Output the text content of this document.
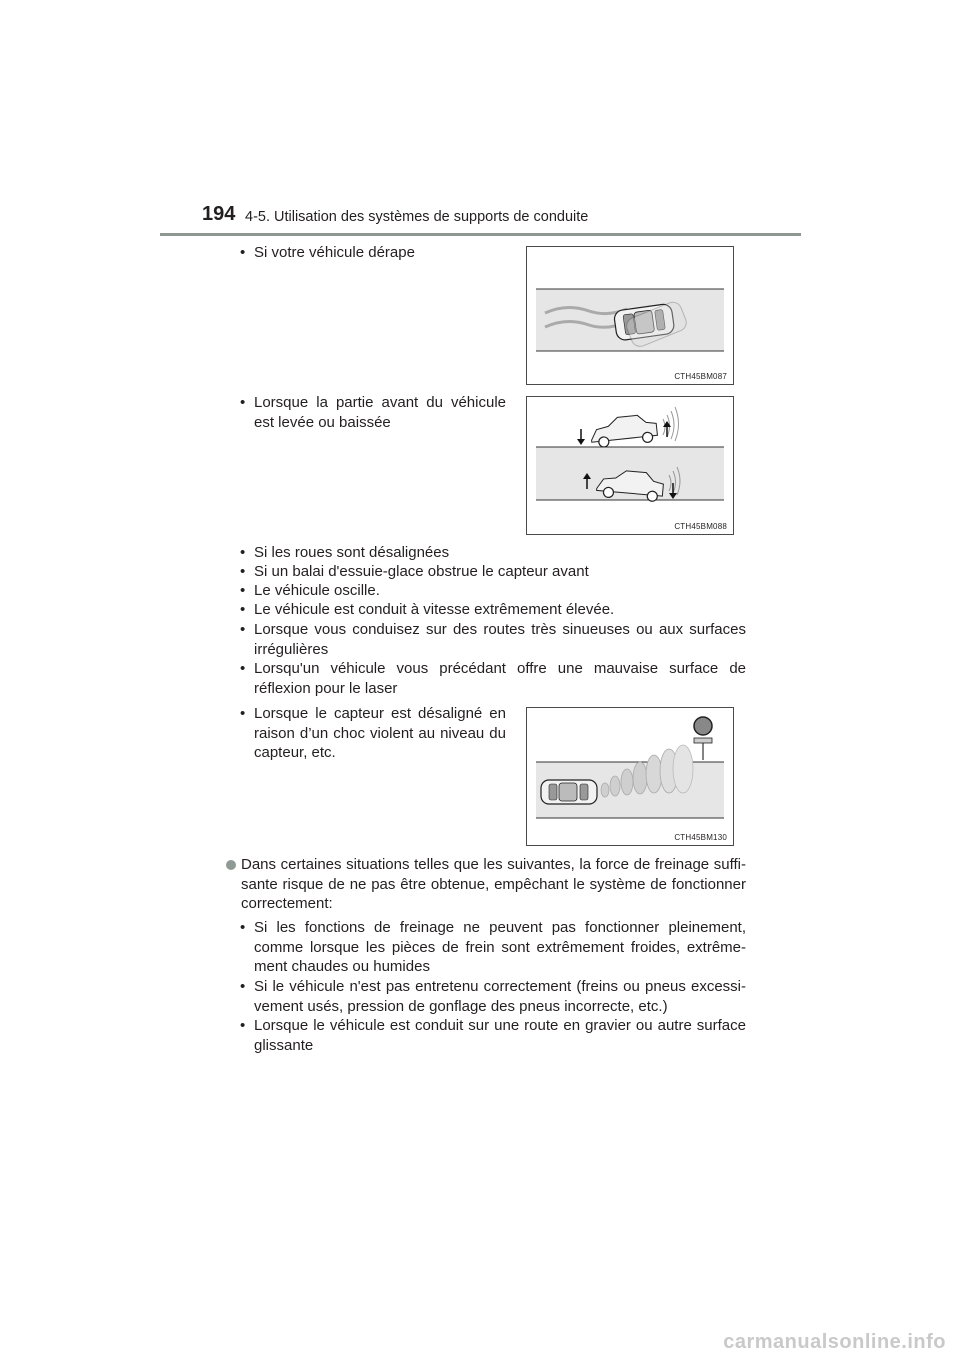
194 4-5. Utilisation des systèmes de supports de conduite
• Si votre véhicule dérape
CTH45BM087
• Lorsque la partie avant du véhicule est levée ou baissée
CTH45BM088
• Si les roues sont désalignées
• Si un balai d'essuie-glace obstrue le capteur avant
• Le véhicule oscille.
• Le véhicule est conduit à vitesse extrêmement élevée.
• Lorsque vous conduisez sur des routes très sinueuses ou aux surfaces irrégulières
• Lorsqu'un véhicule vous précédant offre une mauvaise surface de réflexion pour le laser
• Lorsque le capteur est désaligné en raison d’un choc violent au niveau du capteur, etc.
CTH45BM130
Dans certaines situations telles que les suivantes, la force de freinage suffi-sante risque de ne pas être obtenue, empêchant le système de fonctionner correctement:
• Si les fonctions de freinage ne peuvent pas fonctionner pleinement, comme lorsque les pièces de frein sont extrêmement froides, extrême-ment chaudes ou humides
• Si le véhicule n'est pas entretenu correctement (freins ou pneus excessi-vement usés, pression de gonflage des pneus incorrecte, etc.)
• Lorsque le véhicule est conduit sur une route en gravier ou autre surface glissante
carmanualsonline.info
